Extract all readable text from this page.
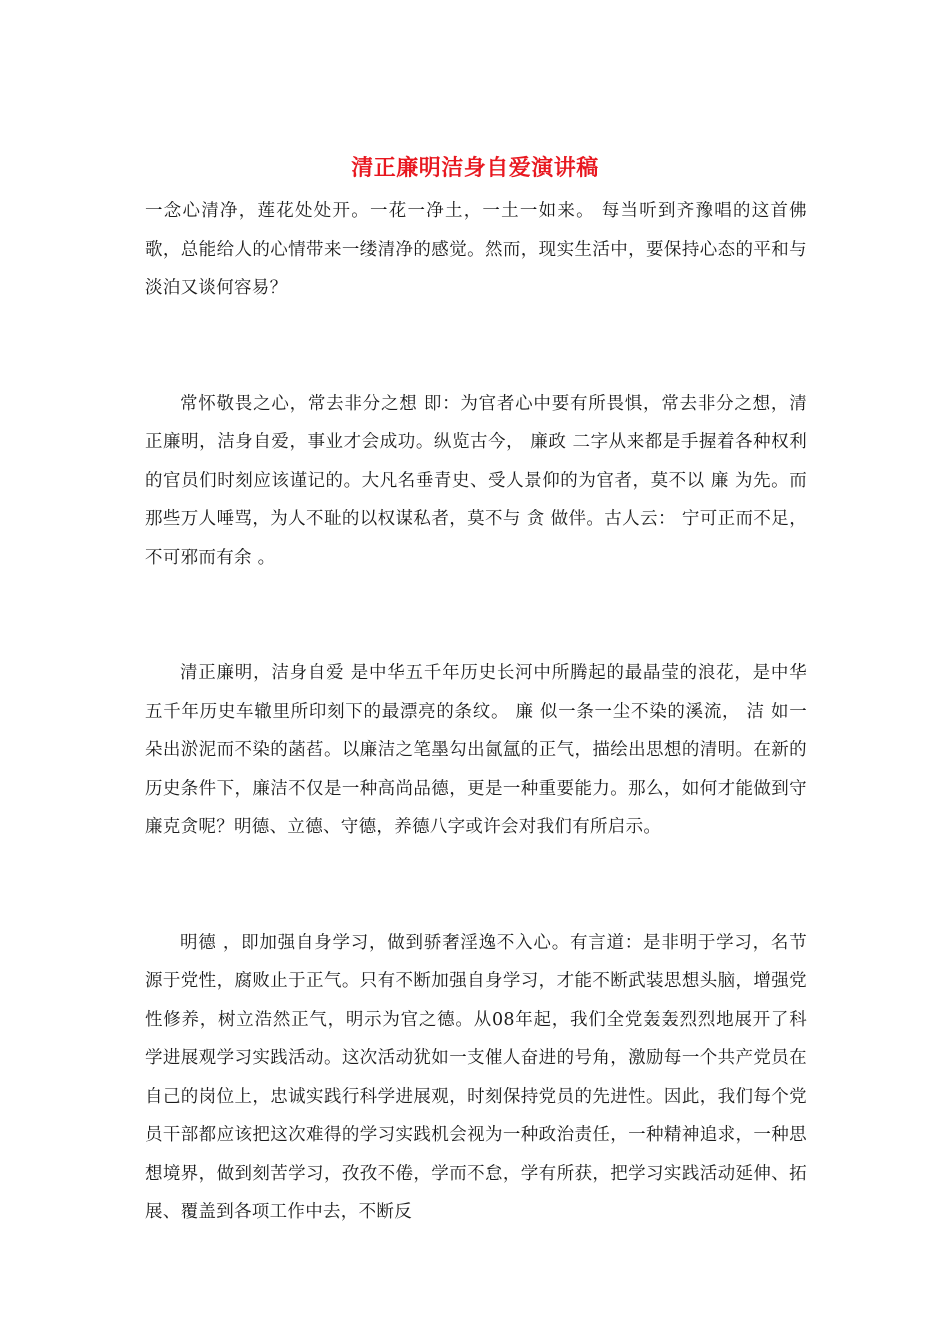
清正廉明洁身自爱演讲稿

一念心清净，莲花处处开。一花一净土，一土一如来。 每当听到齐豫唱的这首佛歌，总能给人的心情带来一缕清净的感觉。然而，现实生活中，要保持心态的平和与淡泊又谈何容易？

常怀敬畏之心，常去非分之想 即：为官者心中要有所畏惧，常去非分之想，清正廉明，洁身自爱，事业才会成功。纵览古今， 廉政 二字从来都是手握着各种权利的官员们时刻应该谨记的。大凡名垂青史、受人景仰的为官者，莫不以 廉 为先。而那些万人唾骂，为人不耻的以权谋私者，莫不与 贪 做伴。古人云： 宁可正而不足，不可邪而有余 。

清正廉明，洁身自爱 是中华五千年历史长河中所腾起的最晶莹的浪花，是中华五千年历史车辙里所印刻下的最漂亮的条纹。 廉 似一条一尘不染的溪流， 洁 如一朵出淤泥而不染的菡萏。以廉洁之笔墨勾出氤氲的正气，描绘出思想的清明。在新的历史条件下，廉洁不仅是一种高尚品德，更是一种重要能力。那么，如何才能做到守廉克贪呢？明德、立德、守德，养德八字或许会对我们有所启示。

明德 ，即加强自身学习，做到骄奢淫逸不入心。有言道：是非明于学习，名节源于党性，腐败止于正气。只有不断加强自身学习，才能不断武装思想头脑，增强党性修养，树立浩然正气，明示为官之德。从08年起，我们全党轰轰烈烈地展开了科学进展观学习实践活动。这次活动犹如一支催人奋进的号角，激励每一个共产党员在自己的岗位上，忠诚实践行科学进展观，时刻保持党员的先进性。因此，我们每个党员干部都应该把这次难得的学习实践机会视为一种政治责任，一种精神追求，一种思想境界，做到刻苦学习，孜孜不倦，学而不怠，学有所获，把学习实践活动延伸、拓展、覆盖到各项工作中去，不断反
